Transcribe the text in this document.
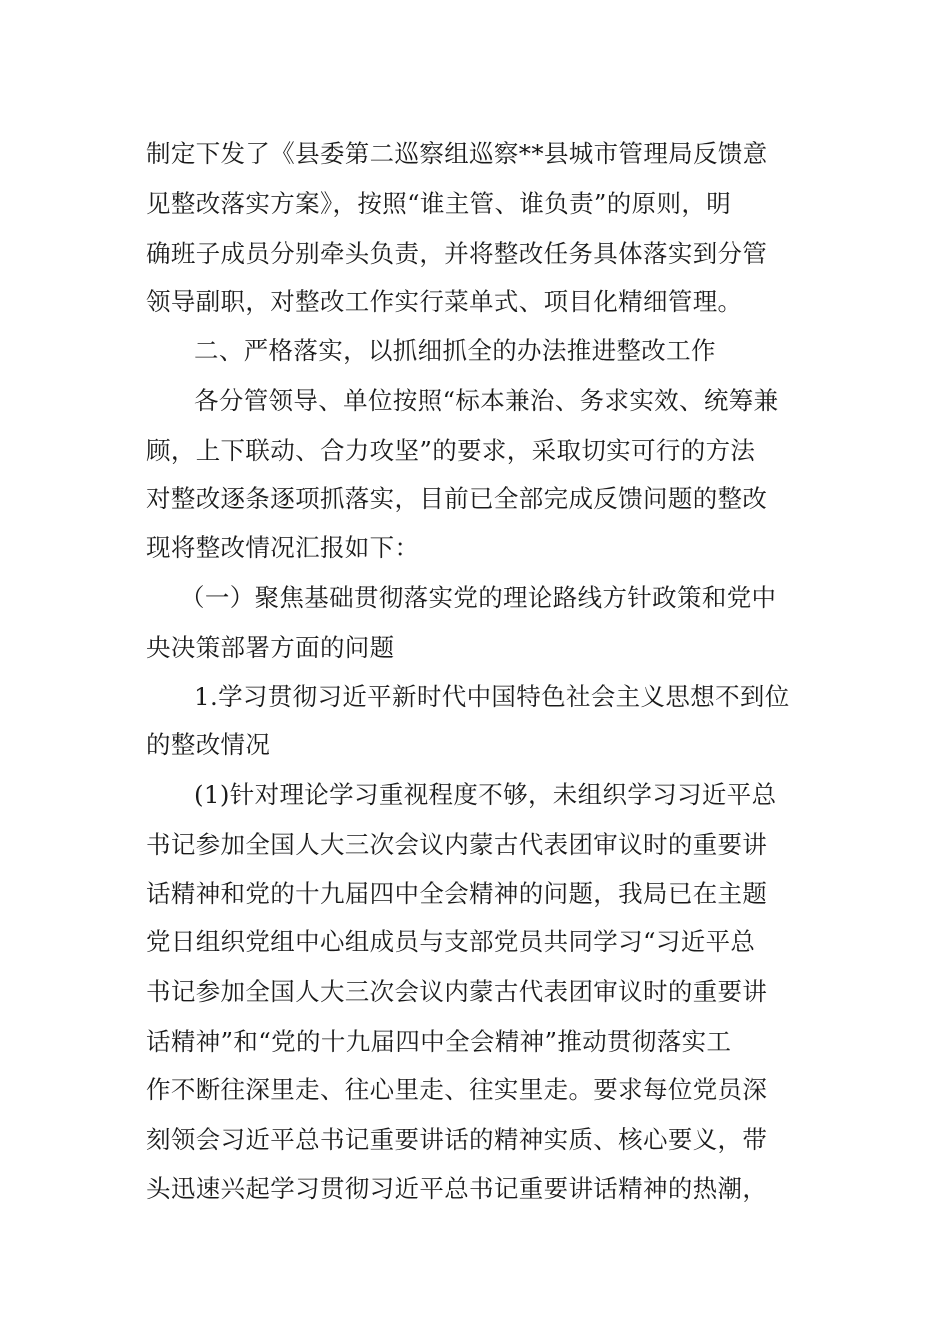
制定下发了《县委第二巡察组巡察**县城市管理局反馈意
见整改落实方案》，按照“谁主管、谁负责”的原则，明
确班子成员分别牵头负责，并将整改任务具体落实到分管
领导副职，对整改工作实行菜单式、项目化精细管理。
二、严格落实，以抓细抓全的办法推进整改工作
各分管领导、单位按照“标本兼治、务求实效、统筹兼
顾，上下联动、合力攻坚”的要求，采取切实可行的方法
对整改逐条逐项抓落实，目前已全部完成反馈问题的整改
现将整改情况汇报如下：
（一）聚焦基础贯彻落实党的理论路线方针政策和党中
央决策部署方面的问题
1.学习贯彻习近平新时代中国特色社会主义思想不到位
的整改情况
(1)针对理论学习重视程度不够，未组织学习习近平总
书记参加全国人大三次会议内蒙古代表团审议时的重要讲
话精神和党的十九届四中全会精神的问题，我局已在主题
党日组织党组中心组成员与支部党员共同学习“习近平总
书记参加全国人大三次会议内蒙古代表团审议时的重要讲
话精神”和“党的十九届四中全会精神”推动贯彻落实工
作不断往深里走、往心里走、往实里走。要求每位党员深
刻领会习近平总书记重要讲话的精神实质、核心要义，带
头迅速兴起学习贯彻习近平总书记重要讲话精神的热潮，
